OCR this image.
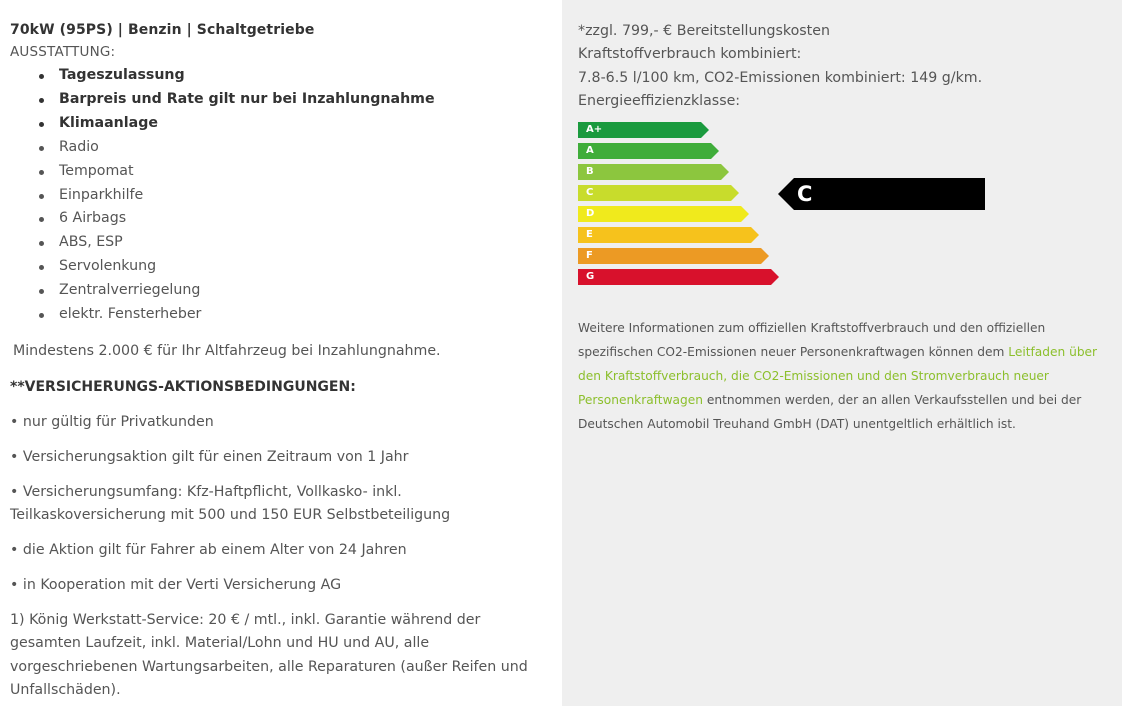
70kW (95PS) | Benzin | Schaltgetriebe

AUSSTATTUNG:

Tageszulassung
Barpreis und Rate gilt nur bei Inzahlungnahme
Klimaanlage
Radio
Tempomat
Einparkhilfe
6 Airbags
ABS, ESP
Servolenkung
Zentralverriegelung
elektr. Fensterheber

Mindestens 2.000 € für Ihr Altfahrzeug bei Inzahlungnahme.

**VERSICHERUNGS-AKTIONSBEDINGUNGEN:

• nur gültig für Privatkunden

• Versicherungsaktion gilt für einen Zeitraum von 1 Jahr

• Versicherungsumfang: Kfz-Haftpflicht, Vollkasko- inkl. Teilkaskoversicherung mit 500 und 150 EUR Selbstbeteiligung

• die Aktion gilt für Fahrer ab einem Alter von 24 Jahren

• in Kooperation mit der Verti Versicherung AG

1) König Werkstatt-Service: 20 € / mtl., inkl. Garantie während der gesamten Laufzeit, inkl. Material/Lohn und HU und AU, alle vorgeschriebenen Wartungsarbeiten, alle Reparaturen (außer Reifen und Unfallschäden).

*zzgl. 799,- € Bereitstellungskosten

Kraftstoffverbrauch kombiniert:

7.8-6.5 l/100 km, CO2-Emissionen kombiniert: 149 g/km.

Energieeffizienzklasse:

C
A+
A
B
C
D
E
F
G

Weitere Informationen zum offiziellen Kraftstoffverbrauch und den offiziellen spezifischen CO2-Emissionen neuer Personenkraftwagen können dem Leitfaden über den Kraftstoffverbrauch, die CO2-Emissionen und den Stromverbrauch neuer Personenkraftwagen entnommen werden, der an allen Verkaufsstellen und bei der Deutschen Automobil Treuhand GmbH (DAT) unentgeltlich erhältlich ist.
